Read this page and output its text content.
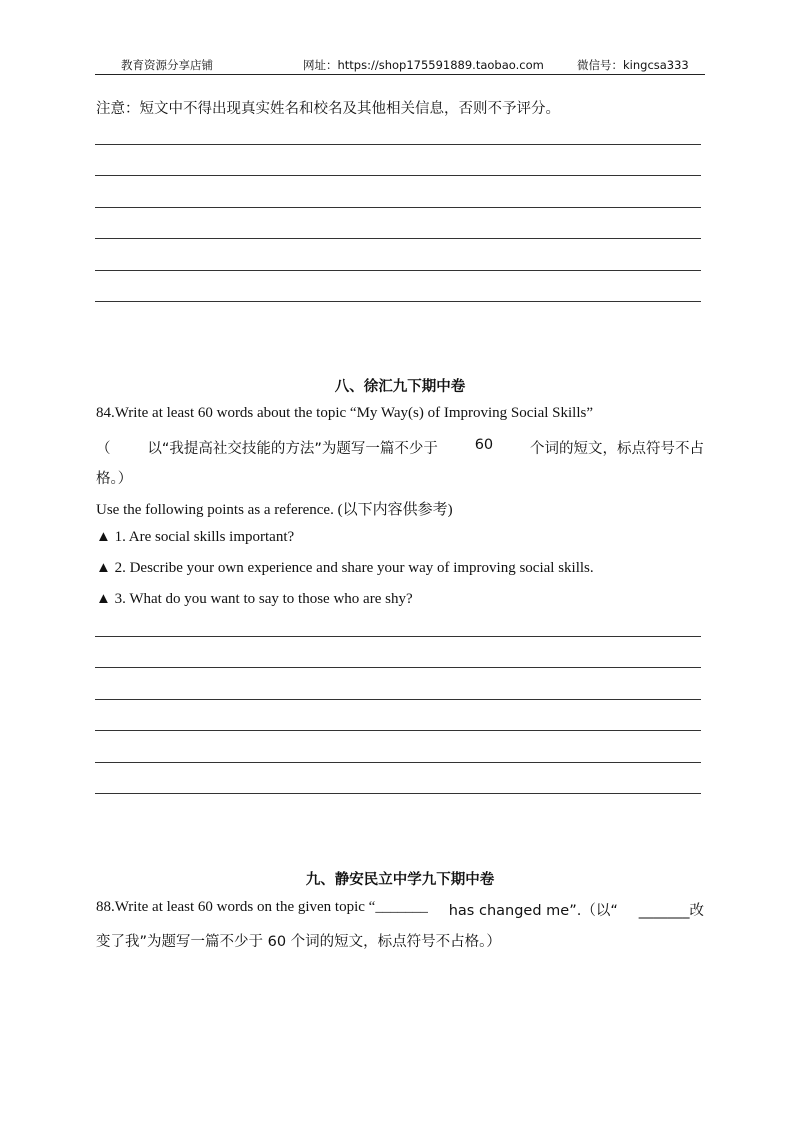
教育资源分享店铺	网址：https://shop175591889.taobao.com	微信号：kingcsa333
注意：短文中不得出现真实姓名和校名及其他相关信息，否则不予评分。
八、徐汇九下期中卷
84.Write at least 60 words about the topic “My Way(s) of Improving Social Skills”
（	以“我提高社交技能的方法”为题写一篇不少于	60	个词的短文，标点符号不占
格。）
Use the following points as a reference. (以下内容供参考)
▲ 1. Are social skills important?
▲ 2. Describe your own experience and share your way of improving social skills.
▲ 3. What do you want to say to those who are shy?
九、静安民立中学九下期中卷
88.Write at least 60 words on the given topic “_______ has changed me”.（以“ _______改
变了我”为题写一篇不少于 60 个词的短文，标点符号不占格。）
